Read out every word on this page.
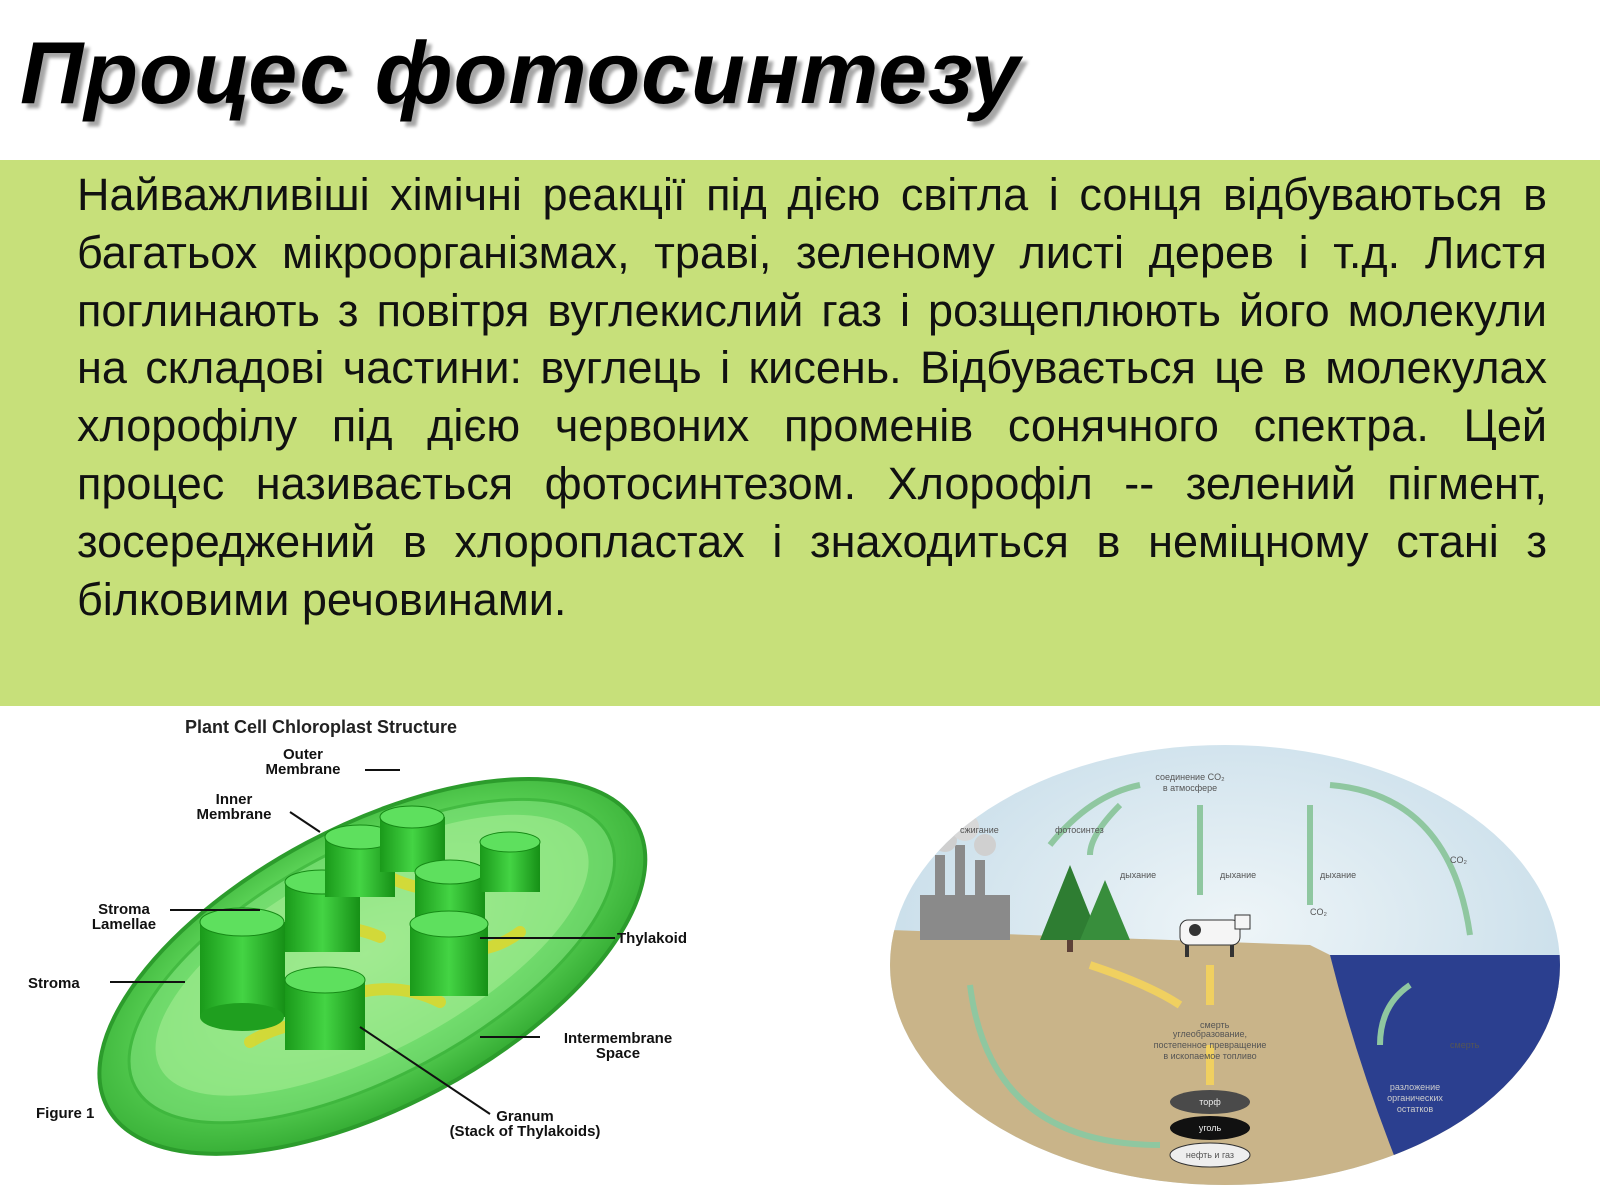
Процес фотосинтезу

Найважливіші хімічні реакції під дією світла і сонця відбуваються в багатьох мікроорганізмах, траві, зеленому листі дерев і т.д. Листя поглинають з повітря вуглекислий газ і розщеплюють його молекули на складові частини: вуглець і кисень. Відбувається це в молекулах хлорофілу під дією червоних променів сонячного спектра. Цей процес називається фотосинтезом. Хлорофіл -- зелений пігмент, зосереджений в хлоропластах і знаходиться в неміцному стані з білковими речовинами.

Plant Cell Chloroplast Structure
Outer
Membrane
Inner
Membrane
Stroma
Lamellae
Stroma
Thylakoid
Intermembrane
Space
Granum
(Stack of Thylakoids)
Figure 1
соединение CO₂
в атмосфере
сжигание	фотосинтез
дыхание	дыхание	дыхание
CO₂
CO₂
смерть
смерть
углеобразование,
постепенное превращение
в ископаемое топливо
торф
уголь
нефть и газ
разложение
органических
остатков
